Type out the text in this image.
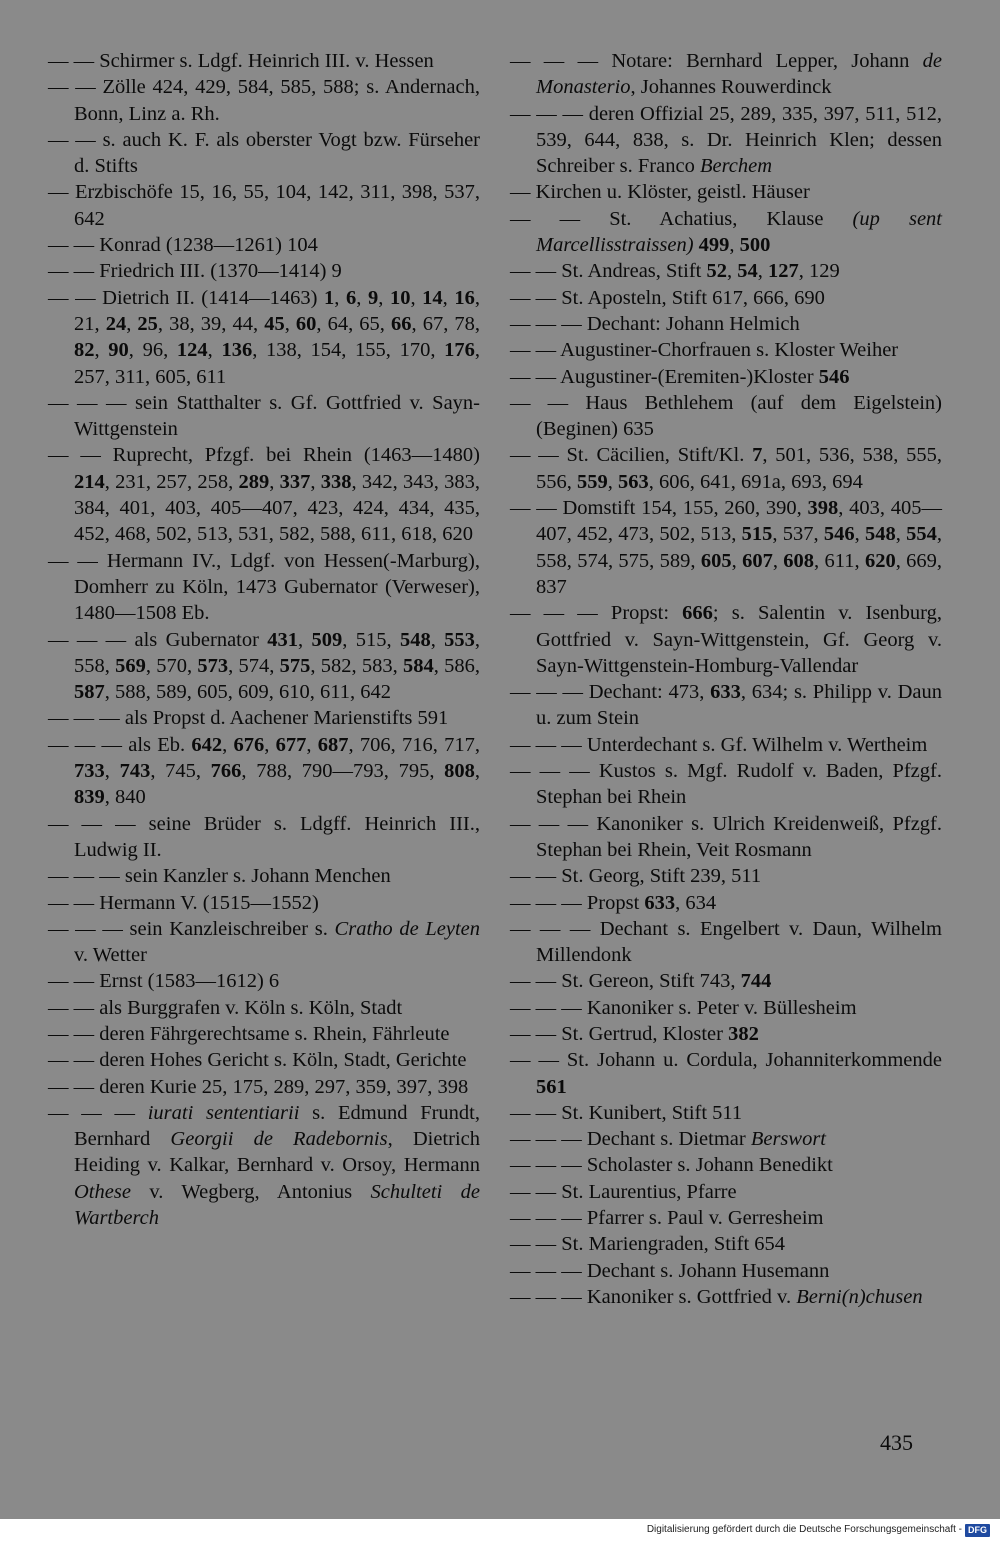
— — Schirmer s. Ldgf. Heinrich III. v. Hessen

— — Zölle 424, 429, 584, 585, 588; s. Andernach, Bonn, Linz a. Rh.

— — s. auch K. F. als oberster Vogt bzw. Fürseher d. Stifts

— Erzbischöfe 15, 16, 55, 104, 142, 311, 398, 537, 642

— — Konrad (1238—1261) 104

— — Friedrich III. (1370—1414) 9

— — Dietrich II. (1414—1463) 1, 6, 9, 10, 14, 16, 21, 24, 25, 38, 39, 44, 45, 60, 64, 65, 66, 67, 78, 82, 90, 96, 124, 136, 138, 154, 155, 170, 176, 257, 311, 605, 611

— — — sein Statthalter s. Gf. Gottfried v. Sayn-Wittgenstein

— — Ruprecht, Pfzgf. bei Rhein (1463—1480) 214, 231, 257, 258, 289, 337, 338, 342, 343, 383, 384, 401, 403, 405—407, 423, 424, 434, 435, 452, 468, 502, 513, 531, 582, 588, 611, 618, 620

— — Hermann IV., Ldgf. von Hessen(-Marburg), Domherr zu Köln, 1473 Gubernator (Verweser), 1480—1508 Eb.

— — — als Gubernator 431, 509, 515, 548, 553, 558, 569, 570, 573, 574, 575, 582, 583, 584, 586, 587, 588, 589, 605, 609, 610, 611, 642

— — — als Propst d. Aachener Marienstifts 591

— — — als Eb. 642, 676, 677, 687, 706, 716, 717, 733, 743, 745, 766, 788, 790—793, 795, 808, 839, 840

— — — seine Brüder s. Ldgff. Heinrich III., Ludwig II.

— — — sein Kanzler s. Johann Menchen

— — Hermann V. (1515—1552)

— — — sein Kanzleischreiber s. Cratho de Leyten v. Wetter

— — Ernst (1583—1612) 6

— — als Burggrafen v. Köln s. Köln, Stadt

— — deren Fährgerechtsame s. Rhein, Fährleute

— — deren Hohes Gericht s. Köln, Stadt, Gerichte

— — deren Kurie 25, 175, 289, 297, 359, 397, 398

— — — iurati sententiarii s. Edmund Frundt, Bernhard Georgii de Radebornis, Dietrich Heiding v. Kalkar, Bernhard v. Orsoy, Hermann Othese v. Wegberg, Antonius Schulteti de Wartberch

— — — Notare: Bernhard Lepper, Johann de Monasterio, Johannes Rouwerdinck

— — — deren Offizial 25, 289, 335, 397, 511, 512, 539, 644, 838, s. Dr. Heinrich Klen; dessen Schreiber s. Franco Berchem

— Kirchen u. Klöster, geistl. Häuser

— — St. Achatius, Klause (up sent Marcellisstraissen) 499, 500

— — St. Andreas, Stift 52, 54, 127, 129

— — St. Aposteln, Stift 617, 666, 690

— — — Dechant: Johann Helmich

— — Augustiner-Chorfrauen s. Kloster Weiher

— — Augustiner-(Eremiten-)Kloster 546

— — Haus Bethlehem (auf dem Eigelstein) (Beginen) 635

— — St. Cäcilien, Stift/Kl. 7, 501, 536, 538, 555, 556, 559, 563, 606, 641, 691a, 693, 694

— — Domstift 154, 155, 260, 390, 398, 403, 405—407, 452, 473, 502, 513, 515, 537, 546, 548, 554, 558, 574, 575, 589, 605, 607, 608, 611, 620, 669, 837

— — — Propst: 666; s. Salentin v. Isenburg, Gottfried v. Sayn-Wittgenstein, Gf. Georg v. Sayn-Wittgenstein-Homburg-Vallendar

— — — Dechant: 473, 633, 634; s. Philipp v. Daun u. zum Stein

— — — Unterdechant s. Gf. Wilhelm v. Wertheim

— — — Kustos s. Mgf. Rudolf v. Baden, Pfzgf. Stephan bei Rhein

— — — Kanoniker s. Ulrich Kreidenweiß, Pfzgf. Stephan bei Rhein, Veit Rosmann

— — St. Georg, Stift 239, 511

— — — Propst 633, 634

— — — Dechant s. Engelbert v. Daun, Wilhelm Millendonk

— — St. Gereon, Stift 743, 744

— — — Kanoniker s. Peter v. Büllesheim

— — St. Gertrud, Kloster 382

— — St. Johann u. Cordula, Johanniterkommende 561

— — St. Kunibert, Stift 511

— — — Dechant s. Dietmar Berswort

— — — Scholaster s. Johann Benedikt

— — St. Laurentius, Pfarre

— — — Pfarrer s. Paul v. Gerresheim

— — St. Mariengraden, Stift 654

— — — Dechant s. Johann Husemann

— — — Kanoniker s. Gottfried v. Berni(n)chusen

435
Digitalisierung gefördert durch die Deutsche Forschungsgemeinschaft - DFG
